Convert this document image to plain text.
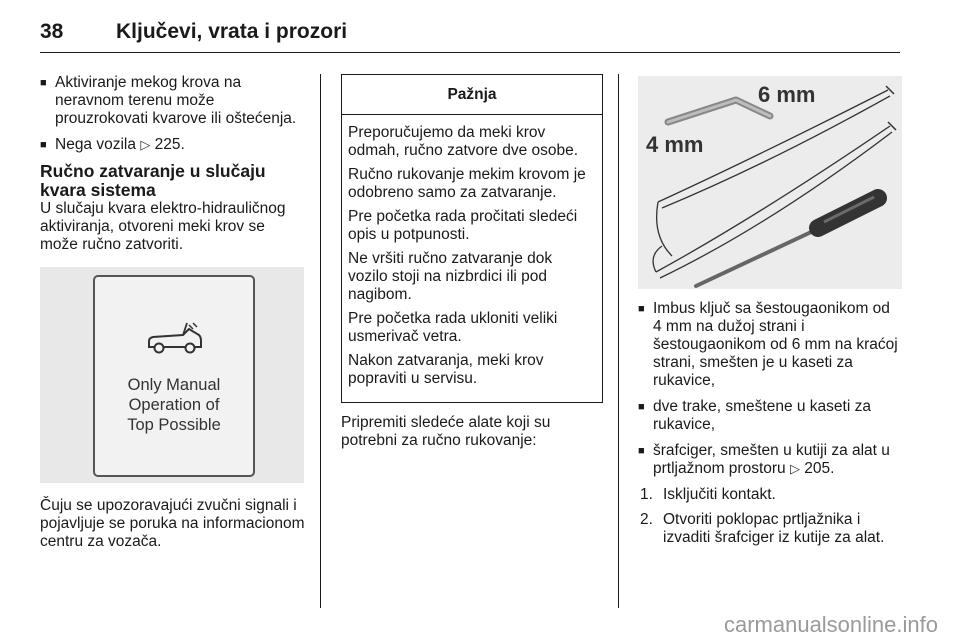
38	Ključevi, vrata i prozori
■ Aktiviranje mekog krova na neravnom terenu može prouzrokovati kvarove ili oštećenja.
■ Nega vozila ▷ 225.
Ručno zatvaranje u slučaju kvara sistema

U slučaju kvara elektro-hidrauličnog aktiviranja, otvoreni meki krov se može ručno zatvoriti.

Only Manual
Operation of
Top Possible

Čuju se upozoravajući zvučni signali i pojavljuje se poruka na informacionom centru za vozača.

Pažnja

Preporučujemo da meki krov odmah, ručno zatvore dve osobe.

Ručno rukovanje mekim krovom je odobreno samo za zatvaranje.

Pre početka rada pročitati sledeći opis u potpunosti.

Ne vršiti ručno zatvaranje dok vozilo stoji na nizbrdici ili pod nagibom.

Pre početka rada ukloniti veliki usmerivač vetra.

Nakon zatvaranja, meki krov popraviti u servisu.

Pripremiti sledeće alate koji su potrebni za ručno rukovanje:

6 mm
4 mm
■ Imbus ključ sa šestougaonikom od 4 mm na dužoj strani i šestougaonikom od 6 mm na kraćoj strani, smešten je u kaseti za rukavice,
■ dve trake, smeštene u kaseti za rukavice,
■ šrafciger, smešten u kutiji za alat u prtljažnom prostoru ▷ 205.
1. Isključiti kontakt.
2. Otvoriti poklopac prtljažnika i izvaditi šrafciger iz kutije za alat.
carmanualsonline.info
